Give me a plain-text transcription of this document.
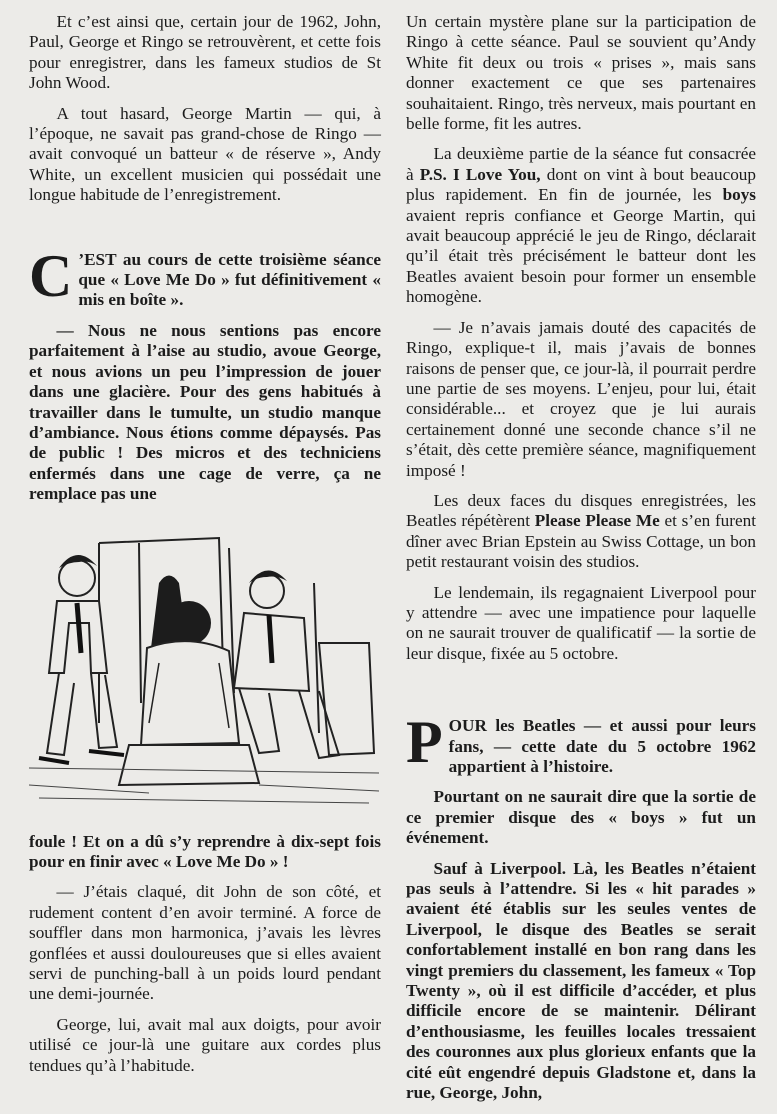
Et c’est ainsi que, certain jour de 1962, John, Paul, George et Ringo se retrouvèrent, et cette fois pour enregistrer, dans les fameux studios de St John Wood.

A tout hasard, George Martin — qui, à l’époque, ne savait pas grand-chose de Ringo — avait convoqué un batteur « de réserve », Andy White, un excellent musicien qui possédait une longue habitude de l’enregistrement.

C ’EST au cours de cette troisième séance que « Love Me Do » fut définitivement « mis en boîte ».

— Nous ne nous sentions pas encore parfaitement à l’aise au studio, avoue George, et nous avions un peu l’impression de jouer dans une glacière. Pour des gens habitués à travailler dans le tumulte, un studio manque d’ambiance. Nous étions comme dépaysés. Pas de public ! Des micros et des techniciens enfermés dans une cage de verre, ça ne remplace pas une

foule ! Et on a dû s’y reprendre à dix-sept fois pour en finir avec « Love Me Do » !

— J’étais claqué, dit John de son côté, et rudement content d’en avoir terminé. A force de souffler dans mon harmonica, j’avais les lèvres gonflées et aussi douloureuses que si elles avaient servi de punching-ball à un poids lourd pendant une demi-journée.

George, lui, avait mal aux doigts, pour avoir utilisé ce jour-là une guitare aux cordes plus tendues qu’à l’habitude.

Un certain mystère plane sur la participation de Ringo à cette séance. Paul se souvient qu’Andy White fit deux ou trois « prises », mais sans donner exactement ce que ses partenaires souhaitaient. Ringo, très nerveux, mais pourtant en belle forme, fit les autres.

La deuxième partie de la séance fut consacrée à P.S. I Love You, dont on vint à bout beaucoup plus rapidement. En fin de journée, les boys avaient repris confiance et George Martin, qui avait beaucoup apprécié le jeu de Ringo, déclarait qu’il était très précisément le batteur dont les Beatles avaient besoin pour former un ensemble homogène.

— Je n’avais jamais douté des capacités de Ringo, explique-t il, mais j’avais de bonnes raisons de penser que, ce jour-là, il pourrait perdre une partie de ses moyens. L’enjeu, pour lui, était considérable... et croyez que je lui aurais certainement donné une seconde chance s’il ne s’était, dès cette première séance, magnifiquement imposé !

Les deux faces du disques enregistrées, les Beatles répétèrent Please Please Me et s’en furent dîner avec Brian Epstein au Swiss Cottage, un bon petit restaurant voisin des studios.

Le lendemain, ils regagnaient Liverpool pour y attendre — avec une impatience pour laquelle on ne saurait trouver de qualificatif — la sortie de leur disque, fixée au 5 octobre.

POUR les Beatles — et aussi pour leurs fans, — cette date du 5 octobre 1962 appartient à l’histoire.

Pourtant on ne saurait dire que la sortie de ce premier disque des « boys » fut un événement.

Sauf à Liverpool. Là, les Beatles n’étaient pas seuls à l’attendre. Si les « hit parades » avaient été établis sur les seules ventes de Liverpool, le disque des Beatles se serait confortablement installé en bon rang dans les vingt premiers du classement, les fameux « Top Twenty », où il est difficile d’accéder, et plus difficile encore de se maintenir. Délirant d’enthousiasme, les feuilles locales tressaient des couronnes aux plus glorieux enfants que la cité eût engendré depuis Gladstone et, dans la rue, George, John,
